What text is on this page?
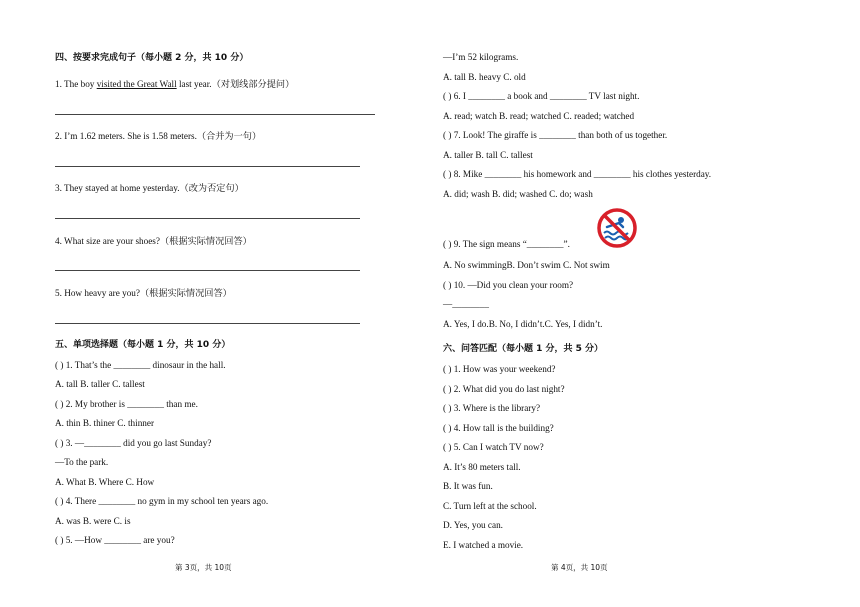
四、按要求完成句子（每小题 2 分，共 10 分）
1. The boy visited the Great Wall last year.（对划线部分提问）
2. I’m 1.62 meters. She is 1.58 meters.（合并为一句）
3. They stayed at home yesterday.（改为否定句）
4. What size are your shoes?（根据实际情况回答）
5. How heavy are you?（根据实际情况回答）
五、单项选择题（每小题 1 分，共 10 分）
( ) 1. That’s the ________ dinosaur in the hall.
A. tall B. taller C. tallest
( ) 2. My brother is ________ than me.
A. thin B. thiner C. thinner
( ) 3. —________ did you go last Sunday?
—To the park.
A. What B. Where C. How
( ) 4. There ________ no gym in my school ten years ago.
A. was B. were C. is
( ) 5. —How ________ are you?
第 3页，共 10页
—I’m 52 kilograms.
A. tall B. heavy C. old
( ) 6. I ________ a book and ________ TV last night.
A. read; watch B. read; watched C. readed; watched
( ) 7. Look! The giraffe is ________ than both of us together.
A. taller B. tall C. tallest
( ) 8. Mike ________ his homework and ________ his clothes yesterday.
A. did; wash B. did; washed C. do; wash
( ) 9. The sign means “________”.
A. No swimmingB. Don’t swim C. Not swim
( ) 10. —Did you clean your room?
—________
A. Yes, I do.B. No, I didn’t.C. Yes, I didn’t.
六、问答匹配（每小题 1 分，共 5 分）
( ) 1. How was your weekend?
( ) 2. What did you do last night?
( ) 3. Where is the library?
( ) 4. How tall is the building?
( ) 5. Can I watch TV now?
A. It’s 80 meters tall.
B. It was fun.
C. Turn left at the school.
D. Yes, you can.
E. I watched a movie.
第 4页，共 10页
